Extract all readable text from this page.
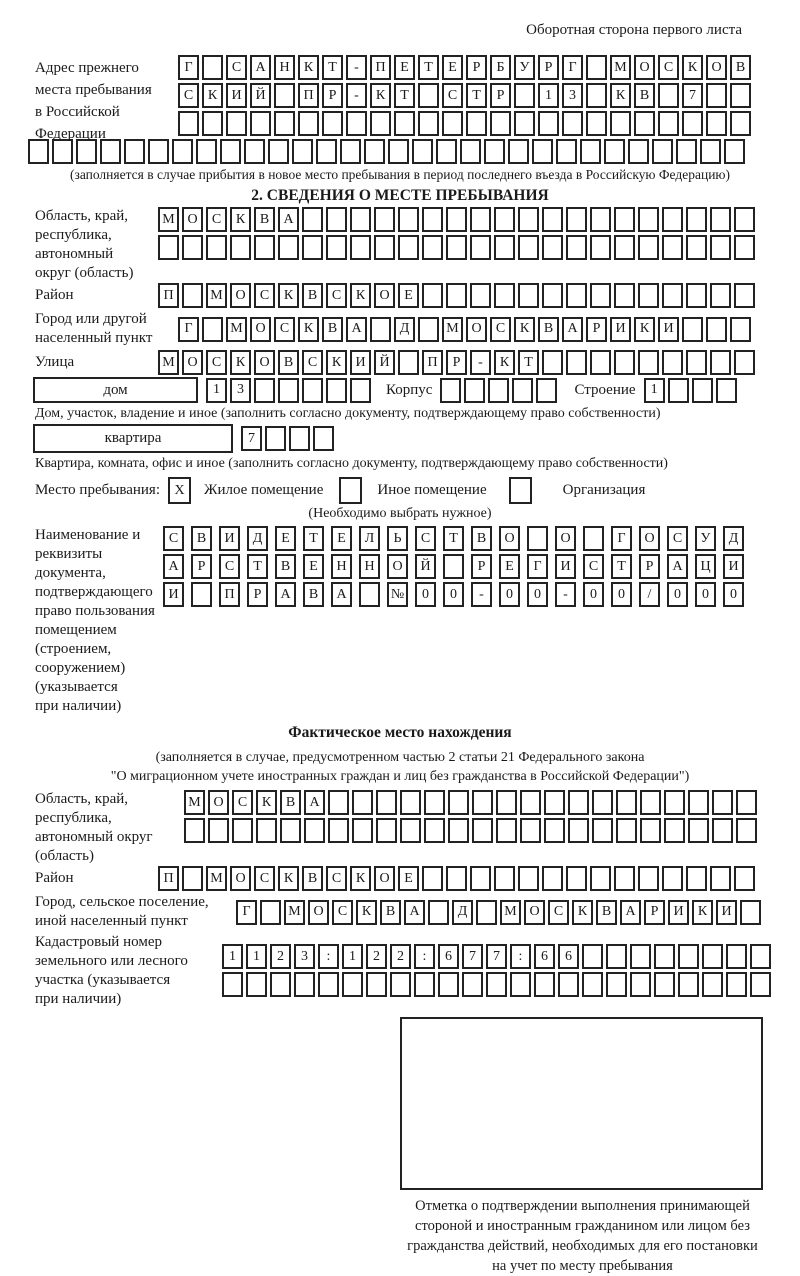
Оборотная сторона первого листа
Адрес прежнего
места пребывания
в Российской
Федерации
Г	С	А Н	К	Т	-	П	Е	Т	Е	Р	Б	У	Р	Г	М О	С	К	О	В
С	К	И Й	П	Р	-	К	Т	С	Т	Р	1	3	К	В	7
(заполняется в случае прибытия в новое место пребывания в период последнего въезда в Российскую Федерацию)
2. СВЕДЕНИЯ О МЕСТЕ ПРЕБЫВАНИЯ
Область, край,
республика,
автономный
округ (область)
М О	С	К	В	А
Район	П	М О	С	К	В	С	К	О	Е
Город или другой
населенный пункт
Г	М О	С	К	В	А	Д	М О	С	К	В	А	Р	И	К	И
Улица	М О	С	К	О	В	С	К	И Й	П	Р	-	К	Т
дом	1	3	Корпус	Строение	1
Дом, участок, владение и иное (заполнить согласно документу, подтверждающему право собственности)
квартира	7
Квартира, комната, офис и иное (заполнить согласно документу, подтверждающему право собственности)
Место пребывания:	X	Жилое помещение	Иное помещение	Организация
(Необходимо выбрать нужное)
Наименование и реквизиты
документа, подтверждающего
право пользования
помещением (строением,
сооружением) (указывается
при наличии)
С	В	И	Д	Е	Т	Е	Л	Ь	С	Т	В	О	О	Г	О	С	У	Д
А	Р	С	Т	В	Е	Н	Н	О	Й	Р	Е	Г	И	С	Т	Р	А	Ц	И
И	П	Р	А	В	А	№	0	0	-	0	0	-	0	0	/	0	0	0
Фактическое место нахождения
(заполняется в случае, предусмотренном частью 2 статьи 21 Федерального закона
"О миграционном учете иностранных граждан и лиц без гражданства в Российской Федерации")
Область, край,
республика,
автономный округ
(область)
М О	С	К	В	А
Район	П	М О	С	К	В	С	К	О	Е
Город, сельское поселение,
иной населенный пункт
Г	М О	С	К	В	А	Д	М О	С	К	В	А	Р	И	К	И
Кадастровый номер
земельного или лесного
участка (указывается
при наличии)
1	1	2	3	:	1	2	2	:	6	7	7	:	6	6
Отметка о подтверждении выполнения принимающей
стороной и иностранным гражданином или лицом без
гражданства действий, необходимых для его постановки
на учет по месту пребывания
